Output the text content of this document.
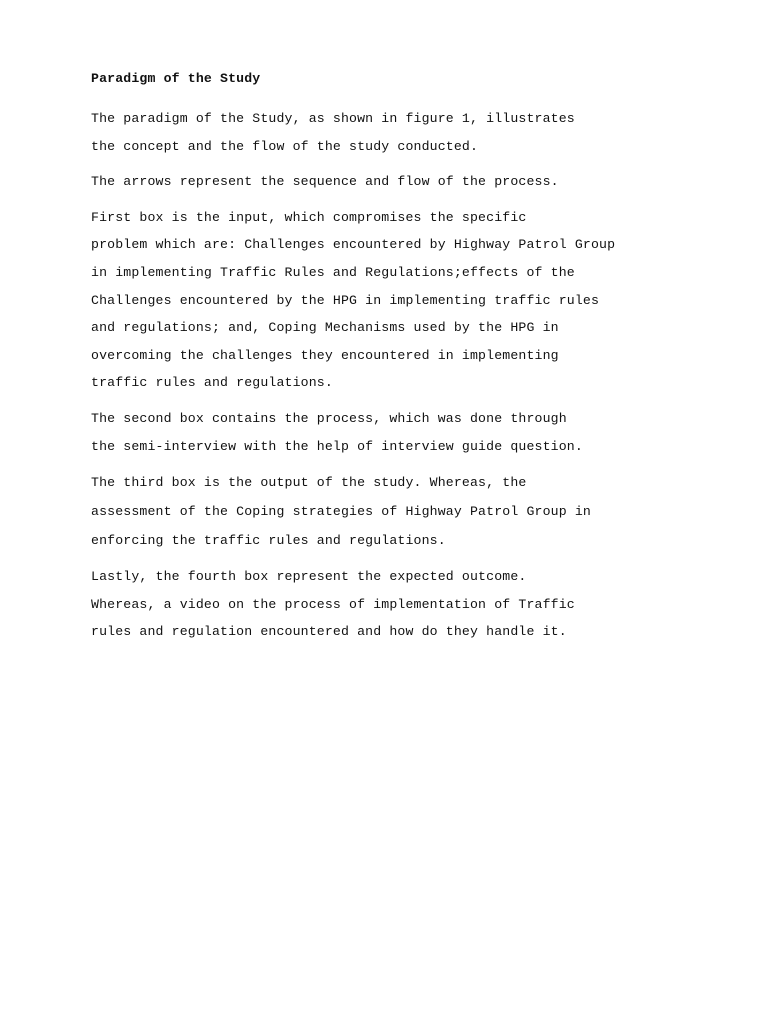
Paradigm of the Study

The paradigm of the Study, as shown in figure 1, illustrates
the concept and the flow of the study conducted.

The arrows represent the sequence and flow of the process.

First box is the input, which compromises the specific
problem which are: Challenges encountered by Highway Patrol Group
in implementing Traffic Rules and Regulations;effects of the
Challenges encountered by the HPG in implementing traffic rules
and regulations; and, Coping Mechanisms used by the HPG in
overcoming the challenges they encountered in implementing
traffic rules and regulations.

The second box contains the process, which was done through
the semi-interview with the help of interview guide question.

The third box is the output of the study. Whereas, the
assessment of the Coping strategies of Highway Patrol Group in
enforcing the traffic rules and regulations.

Lastly, the fourth box represent the expected outcome.
Whereas, a video on the process of implementation of Traffic
rules and regulation encountered and how do they handle it.
